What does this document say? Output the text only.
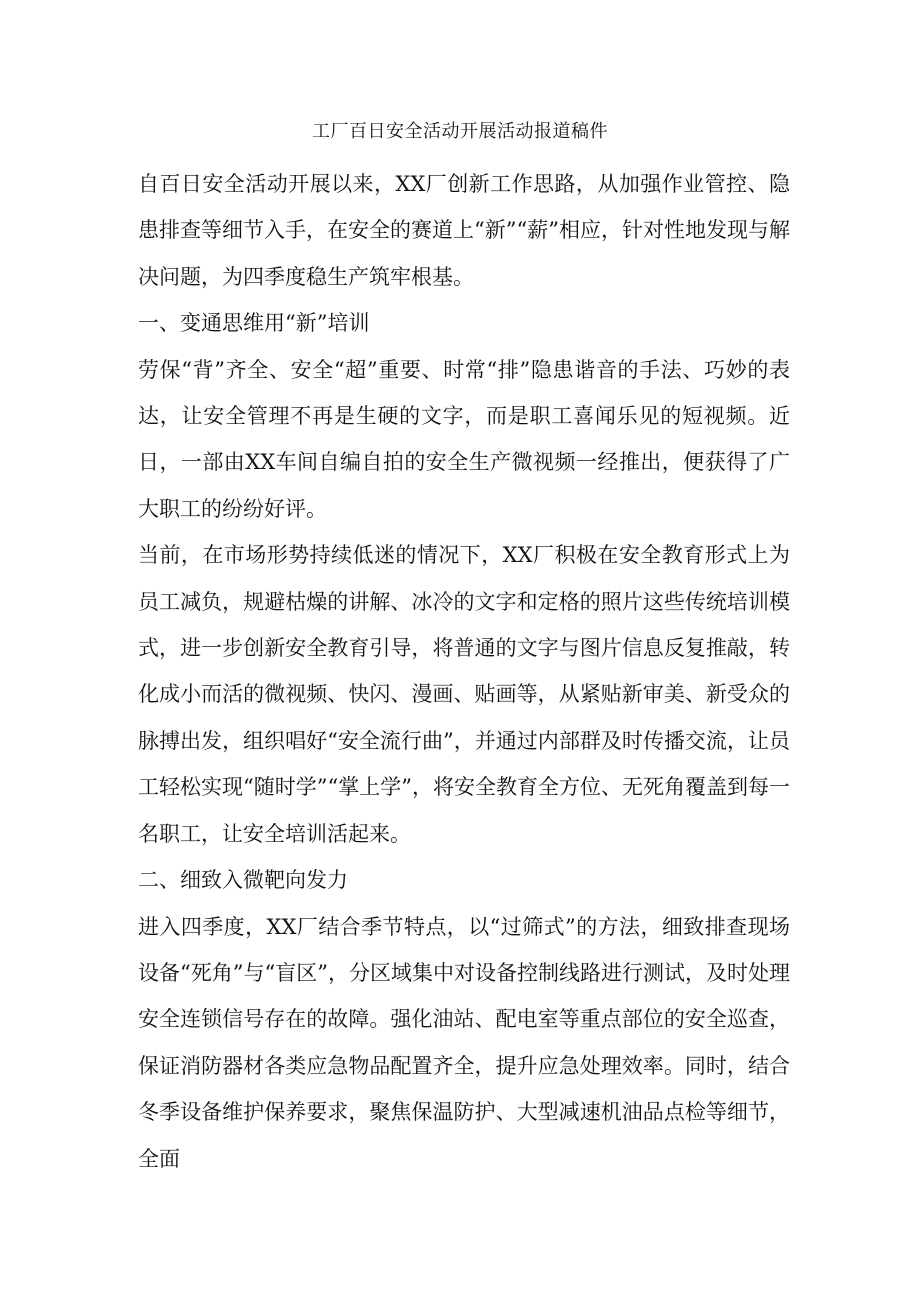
工厂百日安全活动开展活动报道稿件

自百日安全活动开展以来，XX厂创新工作思路，从加强作业管控、隐患排查等细节入手，在安全的赛道上“新”“薪”相应，针对性地发现与解决问题，为四季度稳生产筑牢根基。

一、变通思维用“新”培训

劳保“背”齐全、安全“超”重要、时常“排”隐患谐音的手法、巧妙的表达，让安全管理不再是生硬的文字，而是职工喜闻乐见的短视频。近日，一部由XX车间自编自拍的安全生产微视频一经推出，便获得了广大职工的纷纷好评。

当前，在市场形势持续低迷的情况下，XX厂积极在安全教育形式上为员工减负，规避枯燥的讲解、冰冷的文字和定格的照片这些传统培训模式，进一步创新安全教育引导，将普通的文字与图片信息反复推敲，转化成小而活的微视频、快闪、漫画、贴画等，从紧贴新审美、新受众的脉搏出发，组织唱好“安全流行曲”，并通过内部群及时传播交流，让员工轻松实现“随时学”“掌上学”，将安全教育全方位、无死角覆盖到每一名职工，让安全培训活起来。

二、细致入微靶向发力

进入四季度，XX厂结合季节特点，以“过筛式”的方法，细致排查现场设备“死角”与“盲区”，分区域集中对设备控制线路进行测试，及时处理安全连锁信号存在的故障。强化油站、配电室等重点部位的安全巡查，保证消防器材各类应急物品配置齐全，提升应急处理效率。同时，结合冬季设备维护保养要求，聚焦保温防护、大型减速机油品点检等细节，全面
